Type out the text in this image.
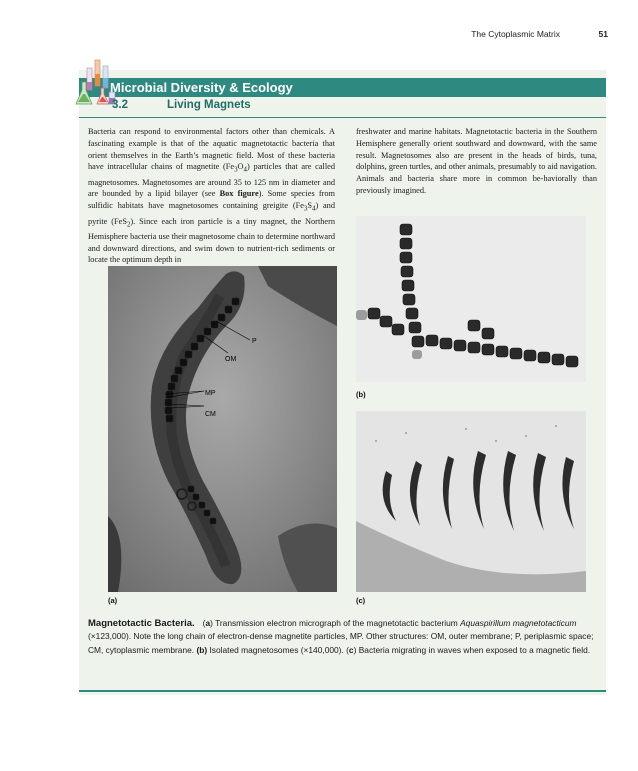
The Cytoplasmic Matrix	51
Microbial Diversity & Ecology
3.2	Living Magnets
Bacteria can respond to environmental factors other than chemicals. A fascinating example is that of the aquatic magnetotactic bacteria that orient themselves in the Earth’s magnetic field. Most of these bacteria have intracellular chains of magnetite $(Fe_3O_4)$ particles that are called magnetosomes. Magnetosomes are around 35 to 125 nm in diameter and are bounded by a lipid bilayer (see Box figure). Some species from sulfidic habitats have magnetosomes containing greigite $(Fe_3S_4)$ and pyrite (FeS$_2$). Since each iron particle is a tiny magnet, the Northern Hemisphere bacteria use their magnetosome chain to determine northward and downward directions, and swim down to nutrient-rich sediments or locate the optimum depth in
freshwater and marine habitats. Magnetotactic bacteria in the Southern Hemisphere generally orient southward and downward, with the same result. Magnetosomes also are present in the heads of birds, tuna, dolphins, green turtles, and other animals, presumably to aid navigation. Animals and bacteria share more in common be-haviorally than previously imagined.
P
OM
MP
CM
(a)
(b)
(c)
Magnetotactic Bacteria. (a) Transmission electron micrograph of the magnetotactic bacterium Aquaspirillum magnetotacticum (×123,000). Note the long chain of electron-dense magnetite particles, MP. Other structures: OM, outer membrane; P, periplasmic space; CM, cytoplasmic membrane. (b) Isolated magnetosomes (×140,000). (c) Bacteria migrating in waves when exposed to a magnetic field.
